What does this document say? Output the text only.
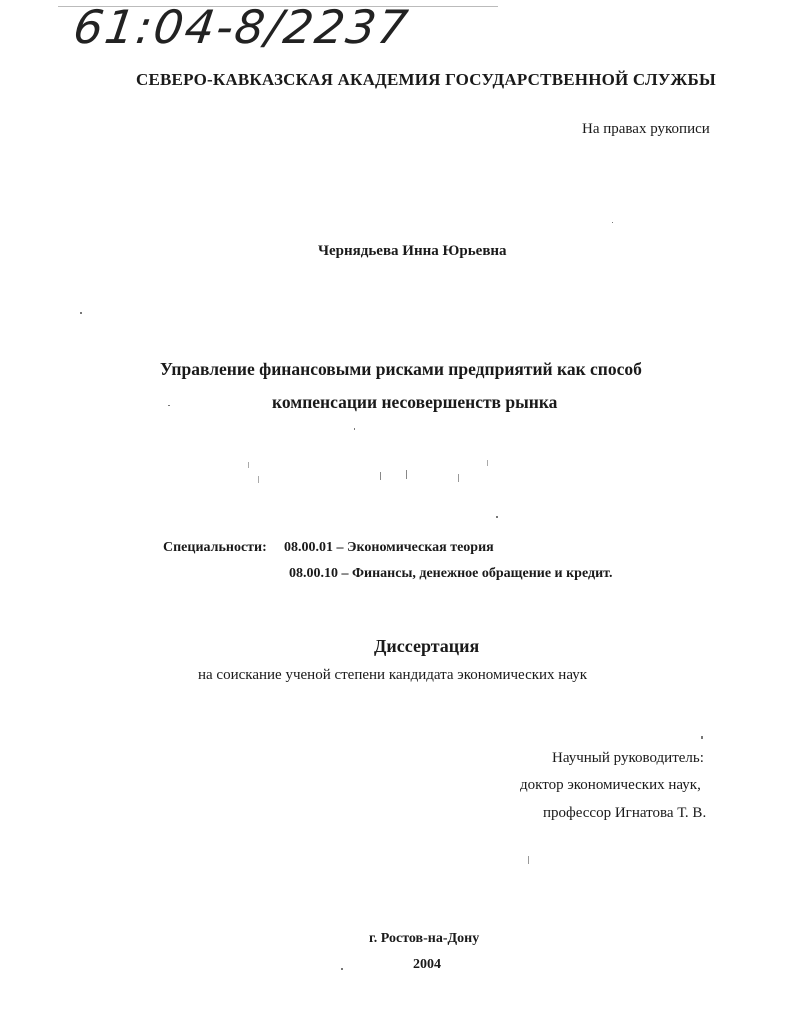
61:04-8/2237
СЕВЕРО-КАВКАЗСКАЯ АКАДЕМИЯ ГОСУДАРСТВЕННОЙ СЛУЖБЫ
На правах рукописи
Чернядьева Инна Юрьевна
Управление финансовыми рисками предприятий как способ
компенсации несовершенств рынка
Специальности: 08.00.01 – Экономическая теория
08.00.10 – Финансы, денежное обращение и кредит.
Диссертация
на соискание ученой степени кандидата экономических наук
Научный руководитель:
доктор экономических наук,
профессор Игнатова Т. В.
г. Ростов-на-Дону
2004
